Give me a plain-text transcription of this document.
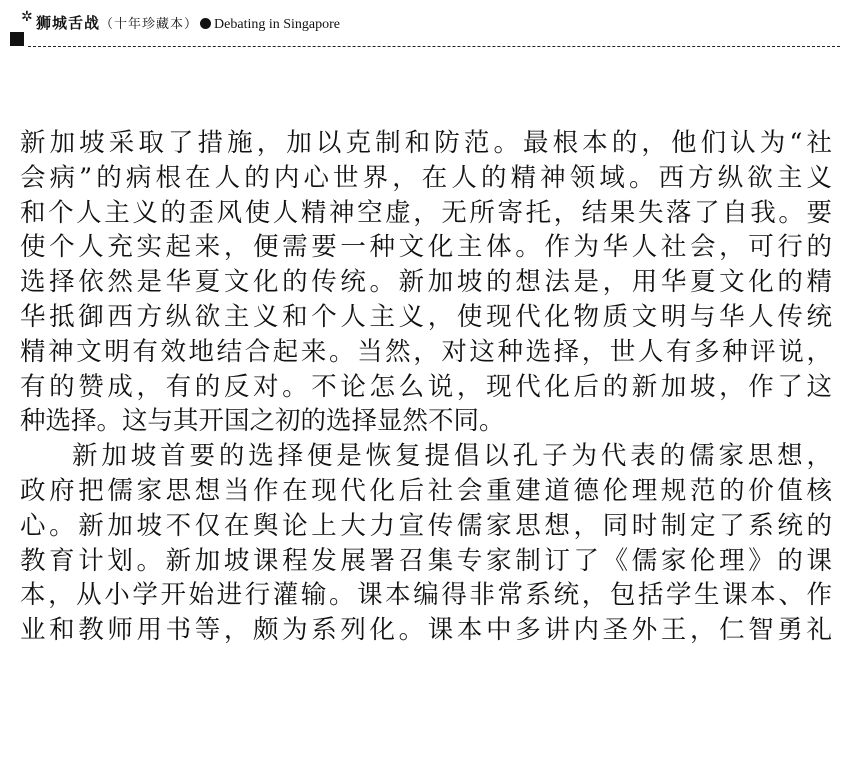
✲ 狮城舌战（十年珍藏本） Debating in Singapore
新加坡采取了措施，加以克制和防范。最根本的，他们认为“社
会病”的病根在人的内心世界，在人的精神领域。西方纵欲主义
和个人主义的歪风使人精神空虚，无所寄托，结果失落了自我。要
使个人充实起来，便需要一种文化主体。作为华人社会，可行的
选择依然是华夏文化的传统。新加坡的想法是，用华夏文化的精
华抵御西方纵欲主义和个人主义，使现代化物质文明与华人传统
精神文明有效地结合起来。当然，对这种选择，世人有多种评说，
有的赞成，有的反对。不论怎么说，现代化后的新加坡，作了这
种选择。这与其开国之初的选择显然不同。
新加坡首要的选择便是恢复提倡以孔子为代表的儒家思想，
政府把儒家思想当作在现代化后社会重建道德伦理规范的价值核
心。新加坡不仅在舆论上大力宣传儒家思想，同时制定了系统的
教育计划。新加坡课程发展署召集专家制订了《儒家伦理》的课
本，从小学开始进行灌输。课本编得非常系统，包括学生课本、作
业和教师用书等，颇为系列化。课本中多讲内圣外王，仁智勇礼
